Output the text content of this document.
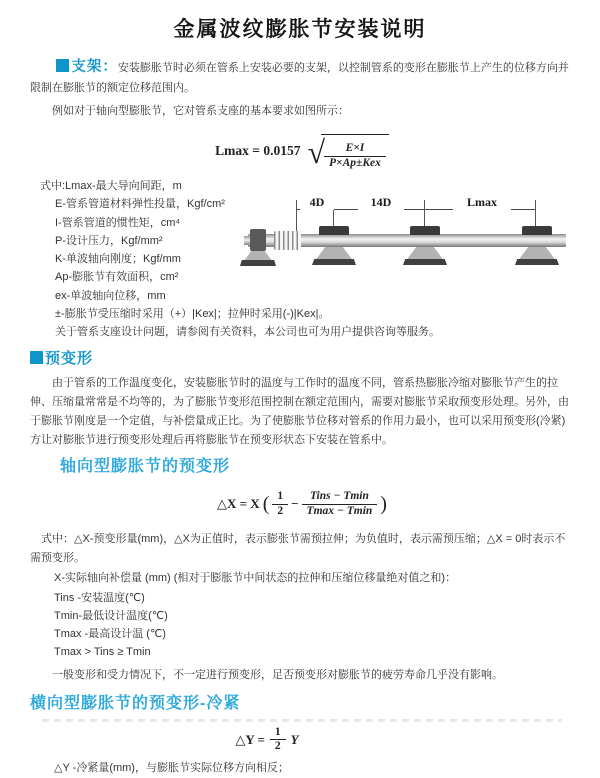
金属波纹膨胀节安装说明

支架：安装膨胀节时必须在管系上安装必要的支架，以控制管系的变形在膨胀节上产生的位移方向并限制在膨胀节的额定位移范围内。

例如对于轴向型膨胀节，它对管系支座的基本要求如图所示：

Lmax = 0.0157 √ $\frac{E\times I}{\text{P×Ap±Kex}}$
式中:Lmax-最大导向间距，m
E-管系管道材料弹性投量，Kgf/cm²
I-管系管道的惯性矩，cm⁴
P-设计压力，Kgf/mm²
K-单波轴向刚度；Kgf/mm
Ap-膨胀节有效面积，cm²
ex-单波轴向位移，mm
±-膨胀节受压缩时采用（+）|Kex|；拉伸时采用(-)|Kex|。
关于管系支座设计问题，请参阅有关资料，本公司也可为用户提供咨询等服务。

预变形

由于管系的工作温度变化，安装膨胀节时的温度与工作时的温度不同，管系热膨胀冷缩对膨胀节产生的拉伸、压缩量常常是不均等的，为了膨胀节变形范围控制在额定范围内，需要对膨胀节采取预变形处理。另外，由于膨胀节刚度是一个定值，与补偿量成正比。为了使膨胀节位移对管系的作用力最小，也可以采用预变形(冷紧)方让对膨胀节进行预变形处理后再将膨胀节在预变形状态下安装在管系中。

轴向型膨胀节的预变形

△X = X ( $\frac{1}{2} - \frac{\text{Tins − Tmin}}{Tmax - Tmin}$ )

式中：△X-预变形量(mm)，△X为正值时，表示膨张节需预拉伸；为负值时，表示需预压缩；△X = 0时表示不需预变形。

X-实际轴向补偿量 (mm) (相对于膨胀节中间状态的拉伸和压缩位移量绝对值之和)：

Tins -安装温度(℃)
Tmin-最低设计温度(℃)
Tmax -最高设计温 (℃)
Tmax > Tins ≥ Tmin

一般变形和受力情况下，不一定进行预变形，足否预变形对膨胀节的疲劳寿命几乎没有影响。

横向型膨胀节的预变形-冷紧

△Y = $\frac{1}{2}$ Y

△Y -冷紧量(mm)，与膨胀节实际位移方向相反；

4D	14D	Lmax
